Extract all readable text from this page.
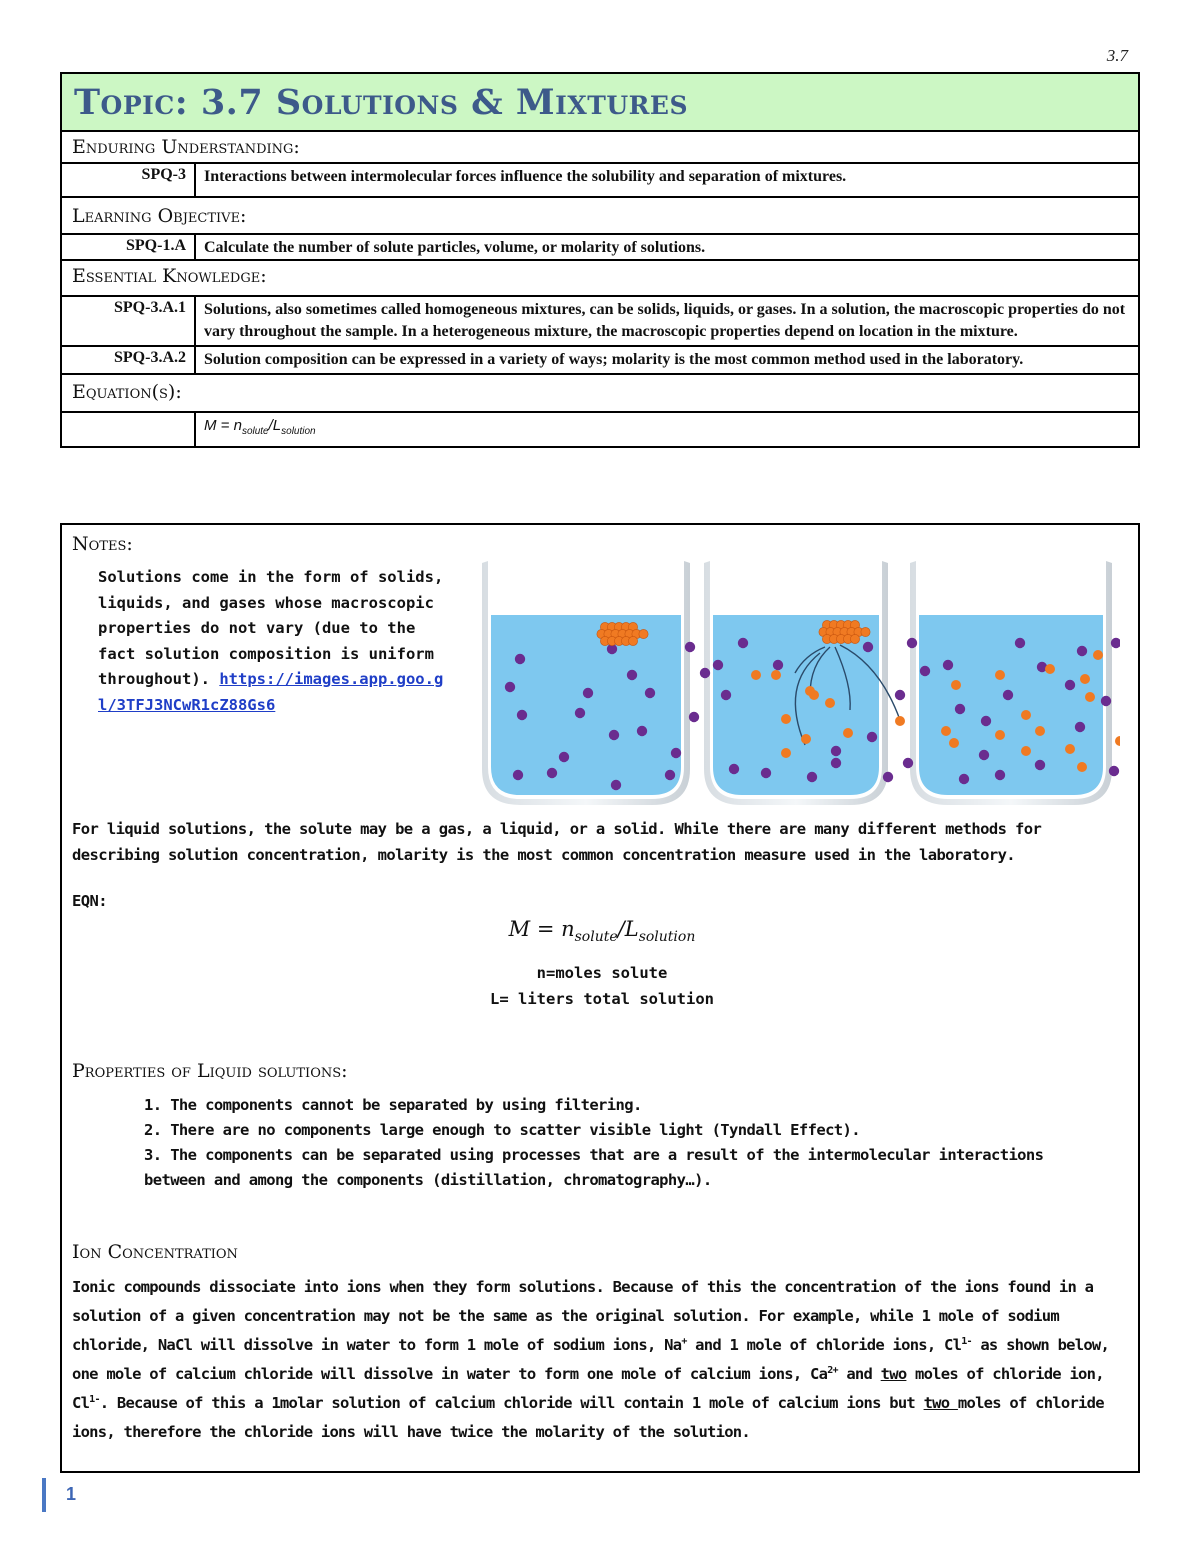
3.7
Topic: 3.7 Solutions & Mixtures
Enduring Understanding:
SPQ-3	Interactions between intermolecular forces influence the solubility and separation of mixtures.
Learning Objective:
SPQ-1.A	Calculate the number of solute particles, volume, or molarity of solutions.
Essential Knowledge:
SPQ-3.A.1	Solutions, also sometimes called homogeneous mixtures, can be solids, liquids, or gases. In a solution, the macroscopic properties do not vary throughout the sample. In a heterogeneous mixture, the macroscopic properties depend on location in the mixture.
SPQ-3.A.2	Solution composition can be expressed in a variety of ways; molarity is the most common method used in the laboratory.
Equation(s):
$M = n_{solute}/L_{solution}$
Notes:
Solutions come in the form of solids, liquids, and gases whose macroscopic properties do not vary (due to the fact solution composition is uniform throughout). https://images.app.goo.gl/3TFJ3NCwR1cZ88Gs6
For liquid solutions, the solute may be a gas, a liquid, or a solid. While there are many different methods for describing solution concentration, molarity is the most common concentration measure used in the laboratory.
EQN:
$M = n_{solute}/L_{solution}$
n=moles solute
L= liters total solution
Properties of Liquid solutions:
1. The components cannot be separated by using filtering.
2. There are no components large enough to scatter visible light (Tyndall Effect).
3. The components can be separated using processes that are a result of the intermolecular interactions between and among the components (distillation, chromatography…).
Ion Concentration
Ionic compounds dissociate into ions when they form solutions. Because of this the concentration of the ions found in a solution of a given concentration may not be the same as the original solution. For example, while 1 mole of sodium chloride, NaCl will dissolve in water to form 1 mole of sodium ions, Na+ and 1 mole of chloride ions, $Cl^{1-}$ as shown below, one mole of calcium chloride will dissolve in water to form one mole of calcium ions, $Ca^{2+}$ and two moles of chloride ion, $Cl^{1-}$. Because of this a 1molar solution of calcium chloride will contain 1 mole of calcium ions but two moles of chloride ions, therefore the chloride ions will have twice the molarity of the solution.
1
